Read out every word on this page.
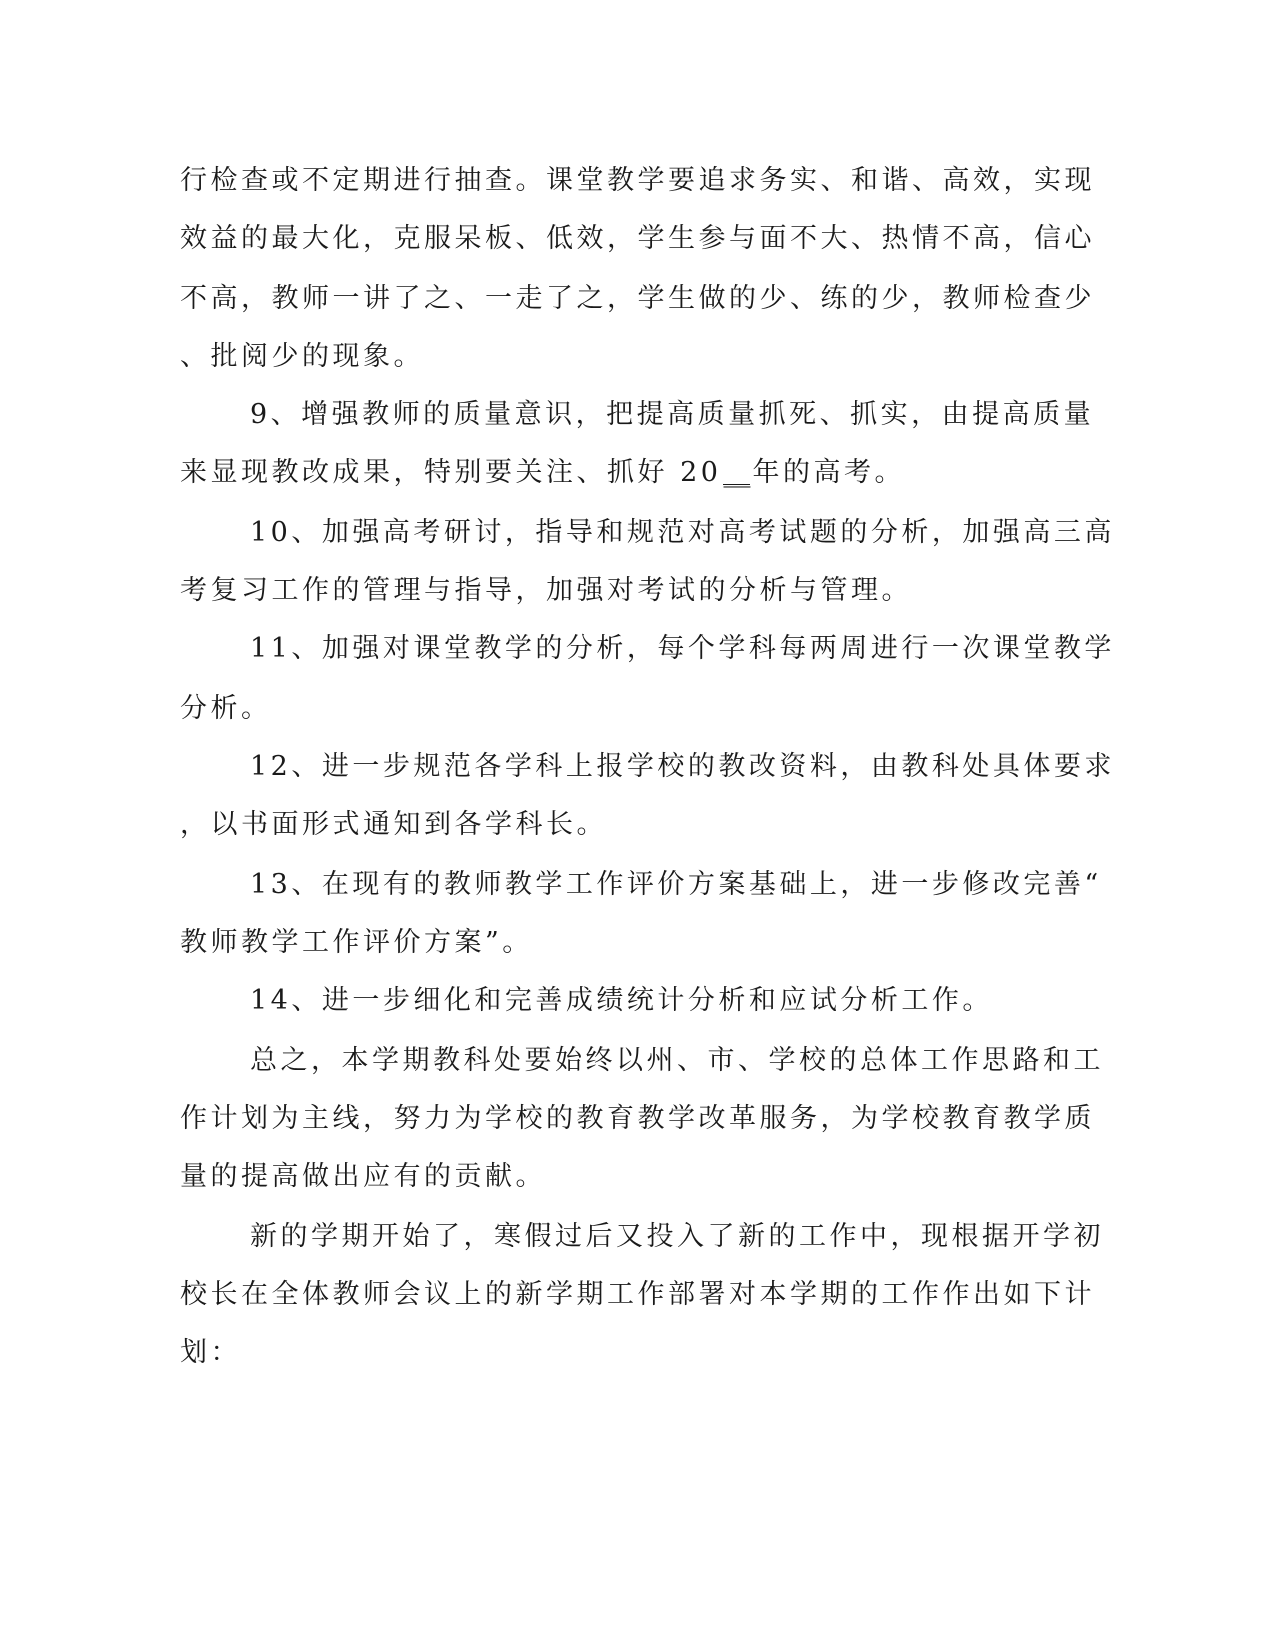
行检查或不定期进行抽查。课堂教学要追求务实、和谐、高效，实现
效益的最大化，克服呆板、低效，学生参与面不大、热情不高，信心
不高，教师一讲了之、一走了之，学生做的少、练的少，教师检查少
、批阅少的现象。
9、增强教师的质量意识，把提高质量抓死、抓实，由提高质量
来显现教改成果，特别要关注、抓好 20__年的高考。
10、加强高考研讨，指导和规范对高考试题的分析，加强高三高
考复习工作的管理与指导，加强对考试的分析与管理。
11、加强对课堂教学的分析，每个学科每两周进行一次课堂教学
分析。
12、进一步规范各学科上报学校的教改资料，由教科处具体要求
，以书面形式通知到各学科长。
13、在现有的教师教学工作评价方案基础上，进一步修改完善“
教师教学工作评价方案”。
14、进一步细化和完善成绩统计分析和应试分析工作。
总之，本学期教科处要始终以州、市、学校的总体工作思路和工
作计划为主线，努力为学校的教育教学改革服务，为学校教育教学质
量的提高做出应有的贡献。
新的学期开始了，寒假过后又投入了新的工作中，现根据开学初
校长在全体教师会议上的新学期工作部署对本学期的工作作出如下计
划：
